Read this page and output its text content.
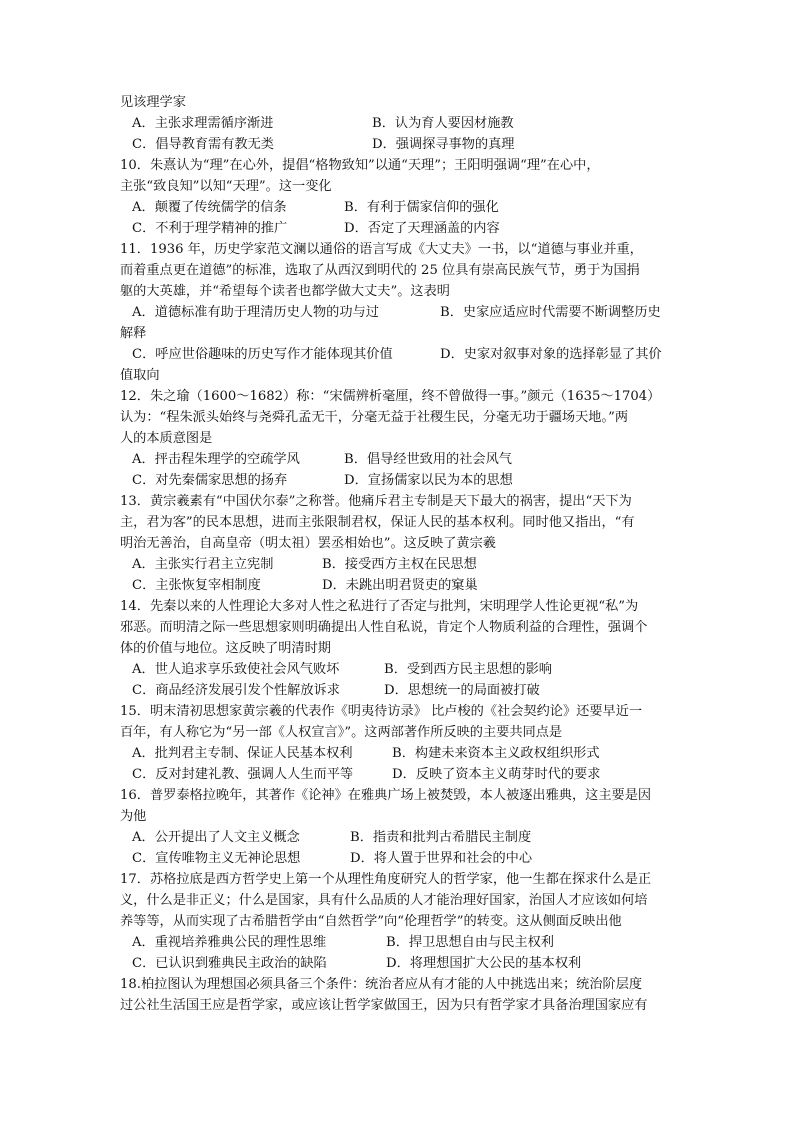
见该理学家
A．主张求理需循序渐进	B．认为育人要因材施教
C．倡导教育需有教无类	D．强调探寻事物的真理
10．朱熹认为“理”在心外，提倡“格物致知”以通“天理”；王阳明强调“理”在心中，
主张“致良知”以知“天理”。这一变化
A．颠覆了传统儒学的信条	B．有利于儒家信仰的强化
C．不利于理学精神的推广	D．否定了天理涵盖的内容
11．1936 年，历史学家范文澜以通俗的语言写成《大丈夫》一书，以“道德与事业并重，
而着重点更在道德”的标准，选取了从西汉到明代的 25 位具有崇高民族气节，勇于为国捐
躯的大英雄，并“希望每个读者也都学做大丈夫”。这表明
A．道德标准有助于理清历史人物的功与过	B．史家应适应时代需要不断调整历史
解释
C．呼应世俗趣味的历史写作才能体现其价值	D．史家对叙事对象的选择彰显了其价
值取向
12．朱之瑜（1600～1682）称：“宋儒辨析毫厘，终不曾做得一事。”颜元（1635～1704）
认为：“程朱派头始终与尧舜孔孟无干，分毫无益于社稷生民，分毫无功于疆场天地。”两
人的本质意图是
A．抨击程朱理学的空疏学风	B．倡导经世致用的社会风气
C．对先秦儒家思想的扬弃	D．宣扬儒家以民为本的思想
13．黄宗羲素有“中国伏尔泰”之称誉。他痛斥君主专制是天下最大的祸害，提出“天下为
主，君为客”的民本思想，进而主张限制君权，保证人民的基本权利。同时他又指出，“有
明治无善治，自高皇帝（明太祖）罢丞相始也”。这反映了黄宗羲
A．主张实行君主立宪制	B．接受西方主权在民思想
C．主张恢复宰相制度	D．未跳出明君贤吏的窠巢
14．先秦以来的人性理论大多对人性之私进行了否定与批判，宋明理学人性论更视“私”为
邪恶。而明清之际一些思想家则明确提出人性自私说，肯定个人物质利益的合理性，强调个
体的价值与地位。这反映了明清时期
A．世人追求享乐致使社会风气败坏	B．受到西方民主思想的影响
C．商品经济发展引发个性解放诉求	D．思想统一的局面被打破
15．明末清初思想家黄宗羲的代表作《明夷待访录》 比卢梭的《社会契约论》还要早近一
百年，有人称它为“另一部《人权宣言》”。这两部著作所反映的主要共同点是
A．批判君主专制、保证人民基本权利	B．构建未来资本主义政权组织形式
C．反对封建礼教、强调人人生而平等	D．反映了资本主义萌芽时代的要求
16．普罗泰格拉晚年，其著作《论神》在雅典广场上被焚毁，本人被逐出雅典，这主要是因
为他
A．公开提出了人文主义概念	B．指责和批判古希腊民主制度
C．宣传唯物主义无神论思想	D．将人置于世界和社会的中心
17．苏格拉底是西方哲学史上第一个从理性角度研究人的哲学家，他一生都在探求什么是正
义，什么是非正义；什么是国家，具有什么品质的人才能治理好国家，治国人才应该如何培
养等等，从而实现了古希腊哲学由“自然哲学”向“伦理哲学”的转变。这从侧面反映出他
A．重视培养雅典公民的理性思维	B．捍卫思想自由与民主权利
C．已认识到雅典民主政治的缺陷	D．将理想国扩大公民的基本权利
18.柏拉图认为理想国必须具备三个条件：统治者应从有才能的人中挑选出来；统治阶层度
过公社生活国王应是哲学家，或应该让哲学家做国王，因为只有哲学家才具备治理国家应有
